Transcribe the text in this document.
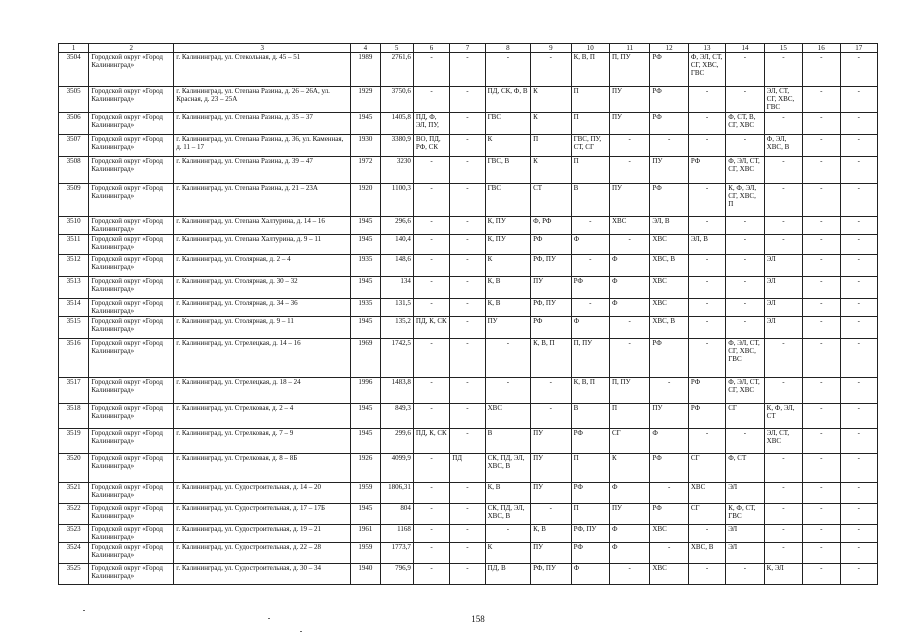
1	2	3	4	5	6	7	8	9	10	11	12	13	14	15	16	17
3504	Городской округ «Город Калининград»	г. Калининград, ул. Стекольная, д. 45 – 51	1989	2761,6	-	-	-	-	К, В, П	П, ПУ	РФ	Ф, ЭЛ, СТ, СГ, ХВС, ГВС	-	-	-	-
3505	Городской округ «Город Калининград»	г. Калининград, ул. Степана Разина, д. 26 – 26А, ул. Красная, д. 23 – 25А	1929	3750,6	-	-	ПД, СК, Ф, В	К	П	ПУ	РФ	-	-	ЭЛ, СТ, СГ, ХВС, ГВС	-	-
3506	Городской округ «Город Калининград»	г. Калининград, ул. Степана Разина, д. 35 – 37	1945	1405,8	ПД, Ф, ЭЛ, ПУ,	-	ГВС	К	П	ПУ	РФ	-	Ф, СТ, В, СГ, ХВС	-	-	-
3507	Городской округ «Город Калининград»	г. Калининград, ул. Степана Разина, д. 36, ул. Каменная, д. 11 – 17	1930	3380,9	ВО, ПД, РФ, СК	-	К	П	ГВС, ПУ, СТ, СГ	-	-	-	-	Ф, ЭЛ, ХВС, В	-	-
3508	Городской округ «Город Калининград»	г. Калининград, ул. Степана Разина, д. 39 – 47	1972	3230	-	-	ГВС, В	К	П	-	ПУ	РФ	Ф, ЭЛ, СТ, СГ, ХВС	-	-	-
3509	Городской округ «Город Калининград»	г. Калининград, ул. Степана Разина, д. 21 – 23А	1920	1100,3	-	-	ГВС	СТ	В	ПУ	РФ	-	К, Ф, ЭЛ, СГ, ХВС, П	-	-	-
3510	Городской округ «Город Калининград»	г. Калининград, ул. Степана Халтурина, д. 14 – 16	1945	296,6	-	-	К, ПУ	Ф, РФ	-	ХВС	ЭЛ, В	-	-	-	-	-
3511	Городской округ «Город Калининград»	г. Калининград, ул. Степана Халтурина, д. 9 – 11	1945	140,4	-	-	К, ПУ	РФ	Ф	-	ХВС	ЭЛ, В	-	-	-	-
3512	Городской округ «Город Калининград»	г. Калининград, ул. Столярная, д. 2 – 4	1935	148,6	-	-	К	РФ, ПУ	-	Ф	ХВС, В	-	-	ЭЛ	-	-
3513	Городской округ «Город Калининград»	г. Калининград, ул. Столярная, д. 30 – 32	1945	134	-	-	К, В	ПУ	РФ	Ф	ХВС	-	-	ЭЛ	-	-
3514	Городской округ «Город Калининград»	г. Калининград, ул. Столярная, д. 34 – 36	1935	131,5	-	-	К, В	РФ, ПУ	-	Ф	ХВС	-	-	ЭЛ	-	-
3515	Городской округ «Город Калининград»	г. Калининград, ул. Столярная, д. 9 – 11	1945	135,2	ПД, К, СК	-	ПУ	РФ	Ф	-	ХВС, В	-	-	ЭЛ	-	-
3516	Городской округ «Город Калининград»	г. Калининград, ул. Стрелецкая, д. 14 – 16	1969	1742,5	-	-	-	К, В, П	П, ПУ	-	РФ	-	Ф, ЭЛ, СТ, СГ, ХВС, ГВС	-	-	-
3517	Городской округ «Город Калининград»	г. Калининград, ул. Стрелецкая, д. 18 – 24	1996	1483,8	-	-	-	-	К, В, П	П, ПУ	-	РФ	Ф, ЭЛ, СТ, СГ, ХВС	-	-	-
3518	Городской округ «Город Калининград»	г. Калининград, ул. Стрелковая, д. 2 – 4	1945	849,3	-	-	ХВС	-	В	П	ПУ	РФ	СГ	К, Ф, ЭЛ, СТ	-	-
3519	Городской округ «Город Калининград»	г. Калининград, ул. Стрелковая, д. 7 – 9	1945	299,6	ПД, К, СК	-	В	ПУ	РФ	СГ	Ф	-	-	ЭЛ, СТ, ХВС	-	-
3520	Городской округ «Город Калининград»	г. Калининград, ул. Стрелковая, д. 8 – 8Б	1926	4099,9	-	ПД	СК, ПД, ЭЛ, ХВС, В	ПУ	П	К	РФ	СГ	Ф, СТ	-	-	-
3521	Городской округ «Город Калининград»	г. Калининград, ул. Судостроительная, д. 14 – 20	1959	1806,31	-	-	К, В	ПУ	РФ	Ф	-	ХВС	ЭЛ	-	-	-
3522	Городской округ «Город Калининград»	г. Калининград, ул. Судостроительная, д. 17 – 17Б	1945	804	-	-	СК, ПД, ЭЛ, ХВС, В	-	П	ПУ	РФ	СГ	К, Ф, СТ, ГВС	-	-	-
3523	Городской округ «Город Калининград»	г. Калининград, ул. Судостроительная, д. 19 – 21	1961	1168	-	-	-	К, В	РФ, ПУ	Ф	ХВС	-	ЭЛ	-	-	-
3524	Городской округ «Город Калининград»	г. Калининград, ул. Судостроительная, д. 22 – 28	1959	1773,7	-	-	К	ПУ	РФ	Ф	-	ХВС, В	ЭЛ	-	-	-
3525	Городской округ «Город Калининград»	г. Калининград, ул. Судостроительная, д. 30 – 34	1940	796,9	-	-	ПД, В	РФ, ПУ	Ф	-	ХВС	-	-	К, ЭЛ	-	-
158
